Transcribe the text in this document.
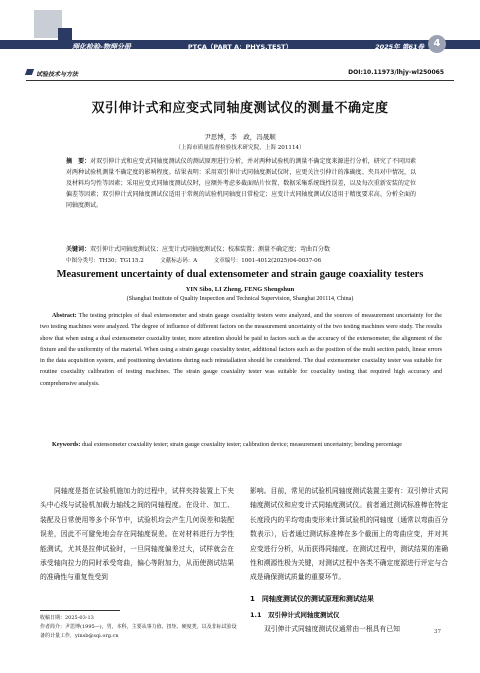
理化检验-物理分册	PTCA（PART A：PHYS.TEST）	2025年 第61卷 4
试验技术与方法	DOI:10.11973/lhjy-wl250065
双引伸计式和应变式同轴度测试仪的测量不确定度
尹思博，李　政，冯晟顺
（上海市质量监督检验技术研究院，上海 201114）
摘　要：对双引伸计式和应变式同轴度测试仪的测试原理进行分析，并对两种试验机的测量不确定度来源进行分析，研究了不同因素对两种试验机测量不确定度的影响程度。结果表明：采用双引伸计式同轴度测试仪时，应更关注引伸计的准确度、夹具对中情况，以及材料均匀性等因素；采用应变式同轴度测试仪时，应额外考虑多截面贴片位置、数据采集系统线性误差，以及每次重新安装的定位偏差等因素；双引伸计式同轴度测试仪适用于常规的试验机同轴度日常检定；应变计式同轴度测试仪适用于精度要求高、分析全面的同轴度测试。
关键词：双引伸计式同轴度测试仪；应变计式同轴度测试仪；校准装置；测量不确定度；弯曲百分数
中图分类号：TH30；TG115.2　　　文献标志码：A　　　文章编号：1001-4012(2025)04-0037-06
Measurement uncertainty of dual extensometer and strain gauge coaxiality testers
YIN Sibo, LI Zheng, FENG Shengshun
(Shanghai Institute of Quality Inspection and Technical Supervision, Shanghai 201114, China)
Abstract: The testing principles of dual extensometer and strain gauge coaxiality testers were analyzed, and the sources of measurement uncertainty for the two testing machines were analyzed. The degree of influence of different factors on the measurement uncertainty of the two testing machines were study. The results show that when using a dual extensometer coaxiality tester, more attention should be paid to factors such as the accuracy of the extensometer, the alignment of the fixture and the uniformity of the material. When using a strain gauge coaxiality tester, additional factors such as the position of the multi section patch, linear errors in the data acquisition system, and positioning deviations during each reinstallation should be considered. The dual extensometer coaxiality tester was suitable for routine coaxiality calibration of testing machines. The strain gauge coaxiality tester was suitable for coaxiality testing that required high accuracy and comprehensive analysis.
Keywords: dual extensometer coaxiality tester; strain gauge coaxiality tester; calibration device; measurement uncertainty; bending percentage
同轴度是指在试验机施加力的过程中，试样夹持装置上下夹头中心线与试验机加载力轴线之间的同轴程度。在设计、加工、装配及日常使用等多个环节中，试验机均会产生几何误差和装配误差，因此不可避免地会存在同轴度误差。在对材料进行力学性能测试，尤其是拉伸试验时，一旦同轴度偏差过大，试样就会在承受轴向拉力的同时承受弯曲，偏心等附加力，从而使测试结果的准确性与重复性受到
影响。目前，常见的试验机同轴度测试装置主要有：双引伸计式同轴度测试仪和应变计式同轴度测试仪。前者通过测试标准棒在特定长度段内的平均弯曲变形来计算试验机的同轴度（通常以弯曲百分数表示），后者通过测试标准棒在多个截面上的弯曲应变，并对其应变进行分析，从而获得同轴度。在测试过程中，测试结果的准确性和溯源性极为关键，对测试过程中各类不确定度源进行评定与合成是确保测试质量的重要环节。
收稿日期：2025-03-13
作者简介：尹思博(1995—)，男，本科，主要从事力值、扭矩、硬度类，以及非标试验设备的计量工作，yinsb@sqi.org.cn
1　同轴度测试仪的测试原理和测试结果
1.1　双引伸计式同轴度测试仪
双引伸计式同轴度测试仪通常由一根具有已知	37
